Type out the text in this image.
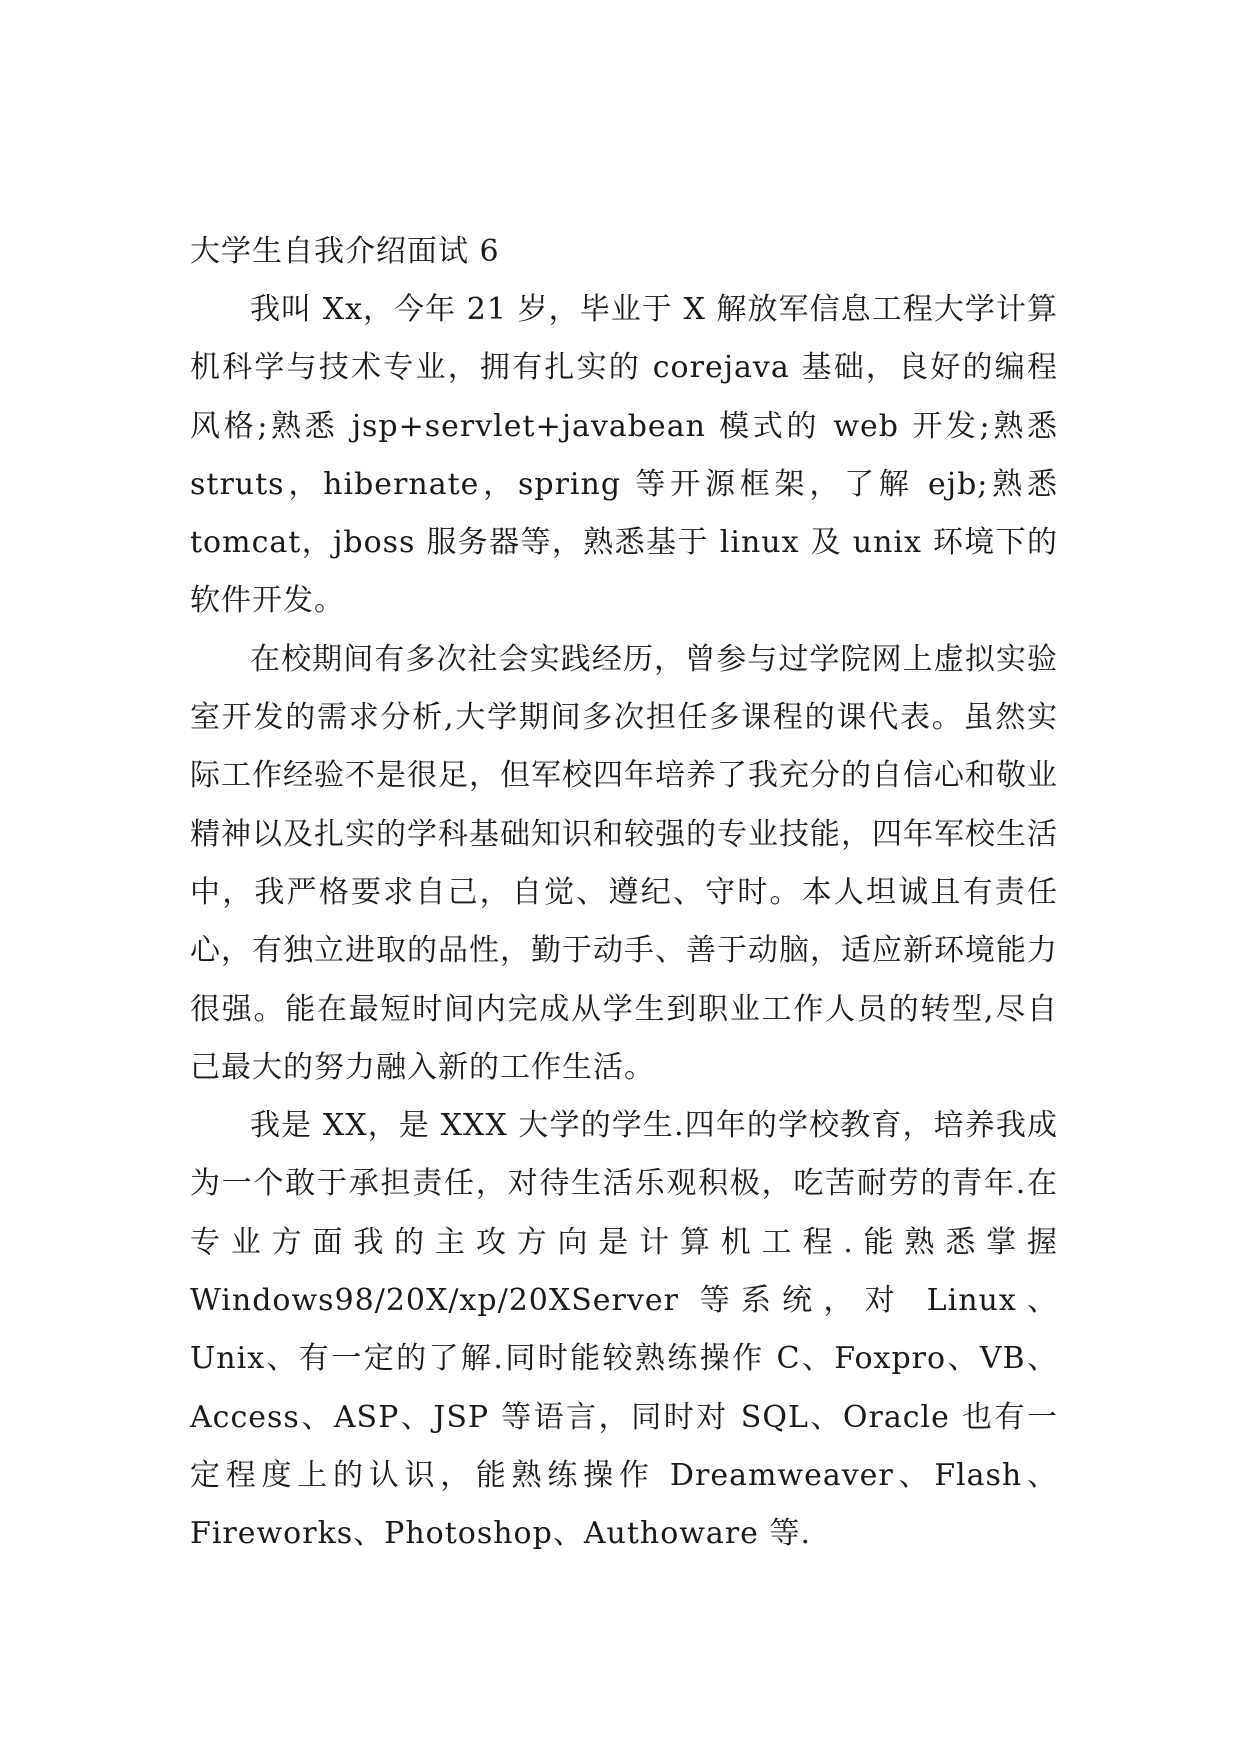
大学生自我介绍面试 6

我叫 Xx，今年 21 岁，毕业于 X 解放军信息工程大学计算机科学与技术专业，拥有扎实的 corejava 基础，良好的编程风格;熟悉 jsp+servlet+javabean 模式的 web 开发;熟悉 struts，hibernate，spring 等开源框架，了解 ejb;熟悉 tomcat，jboss 服务器等，熟悉基于 linux 及 unix 环境下的软件开发。

在校期间有多次社会实践经历，曾参与过学院网上虚拟实验室开发的需求分析,大学期间多次担任多课程的课代表。虽然实际工作经验不是很足，但军校四年培养了我充分的自信心和敬业精神以及扎实的学科基础知识和较强的专业技能，四年军校生活中，我严格要求自己，自觉、遵纪、守时。本人坦诚且有责任心，有独立进取的品性，勤于动手、善于动脑，适应新环境能力很强。能在最短时间内完成从学生到职业工作人员的转型,尽自己最大的努力融入新的工作生活。

我是 XX，是 XXX 大学的学生.四年的学校教育，培养我成为一个敢于承担责任，对待生活乐观积极，吃苦耐劳的青年.在专业方面我的主攻方向是计算机工程.能熟悉掌握 Windows98/20X/xp/20XServer 等系统，对 Linux、Unix、有一定的了解.同时能较熟练操作 C、Foxpro、VB、Access、ASP、JSP 等语言，同时对 SQL、Oracle 也有一定程度上的认识，能熟练操作 Dreamweaver、Flash、Fireworks、Photoshop、Authoware 等.
